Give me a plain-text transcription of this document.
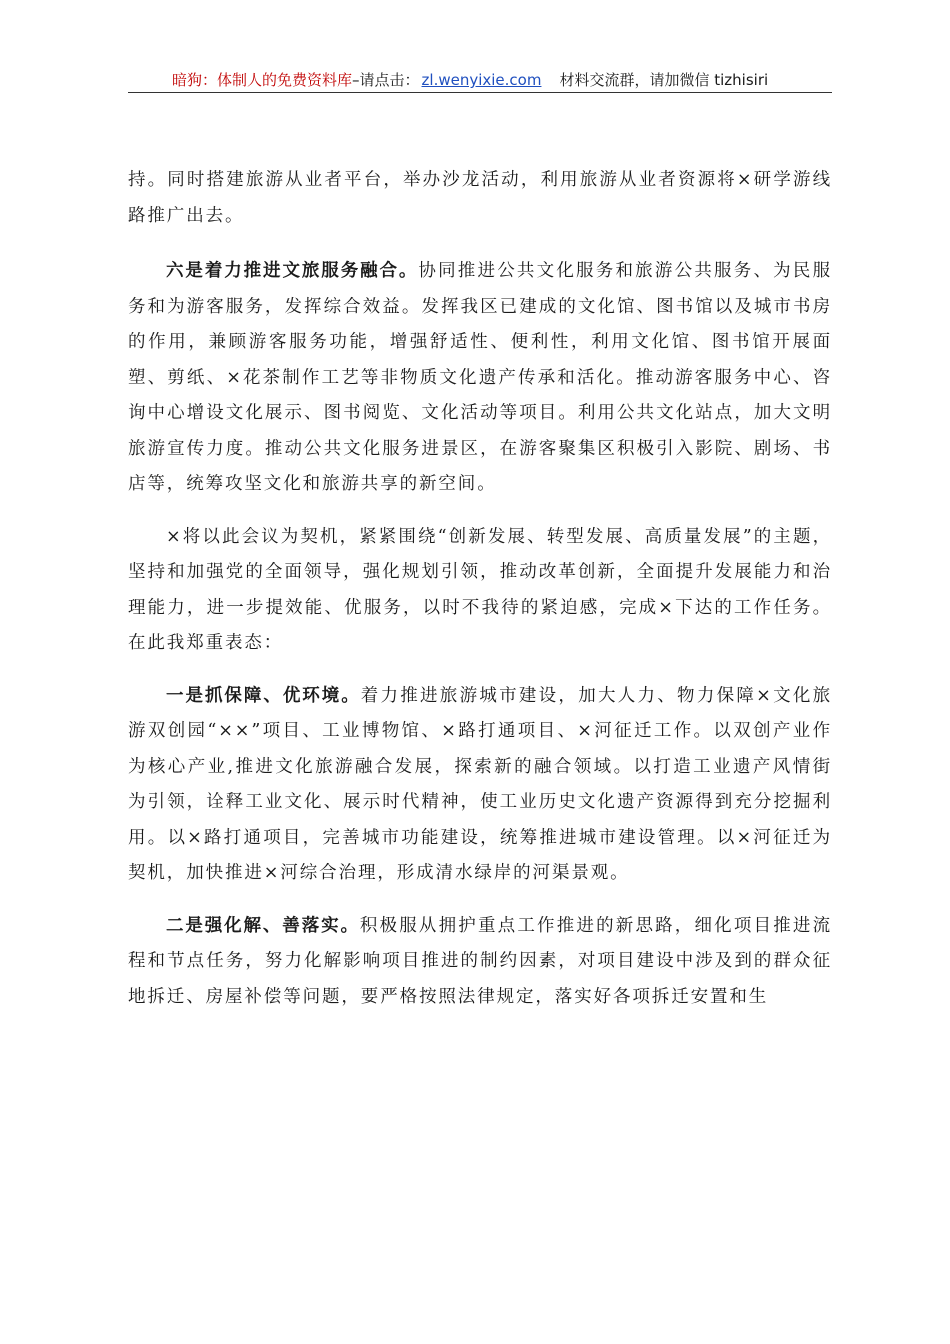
暗狗：体制人的免费资料库–请点击： zl.wenyixie.com 材料交流群，请加微信 tizhisiri

持。同时搭建旅游从业者平台，举办沙龙活动，利用旅游从业者资源将×研学游线路推广出去。

六是着力推进文旅服务融合。协同推进公共文化服务和旅游公共服务、为民服务和为游客服务，发挥综合效益。发挥我区已建成的文化馆、图书馆以及城市书房的作用，兼顾游客服务功能，增强舒适性、便利性，利用文化馆、图书馆开展面塑、剪纸、×花茶制作工艺等非物质文化遗产传承和活化。推动游客服务中心、咨询中心增设文化展示、图书阅览、文化活动等项目。利用公共文化站点，加大文明旅游宣传力度。推动公共文化服务进景区，在游客聚集区积极引入影院、剧场、书店等，统筹攻坚文化和旅游共享的新空间。

×将以此会议为契机，紧紧围绕“创新发展、转型发展、高质量发展”的主题，坚持和加强党的全面领导，强化规划引领，推动改革创新，全面提升发展能力和治理能力，进一步提效能、优服务，以时不我待的紧迫感，完成×下达的工作任务。在此我郑重表态：

一是抓保障、优环境。着力推进旅游城市建设，加大人力、物力保障×文化旅游双创园“××”项目、工业博物馆、×路打通项目、×河征迁工作。以双创产业作为核心产业,推进文化旅游融合发展，探索新的融合领域。以打造工业遗产风情街为引领，诠释工业文化、展示时代精神，使工业历史文化遗产资源得到充分挖掘利用。以×路打通项目，完善城市功能建设，统筹推进城市建设管理。以×河征迁为契机，加快推进×河综合治理，形成清水绿岸的河渠景观。

二是强化解、善落实。积极服从拥护重点工作推进的新思路，细化项目推进流程和节点任务，努力化解影响项目推进的制约因素，对项目建设中涉及到的群众征地拆迁、房屋补偿等问题，要严格按照法律规定，落实好各项拆迁安置和生
